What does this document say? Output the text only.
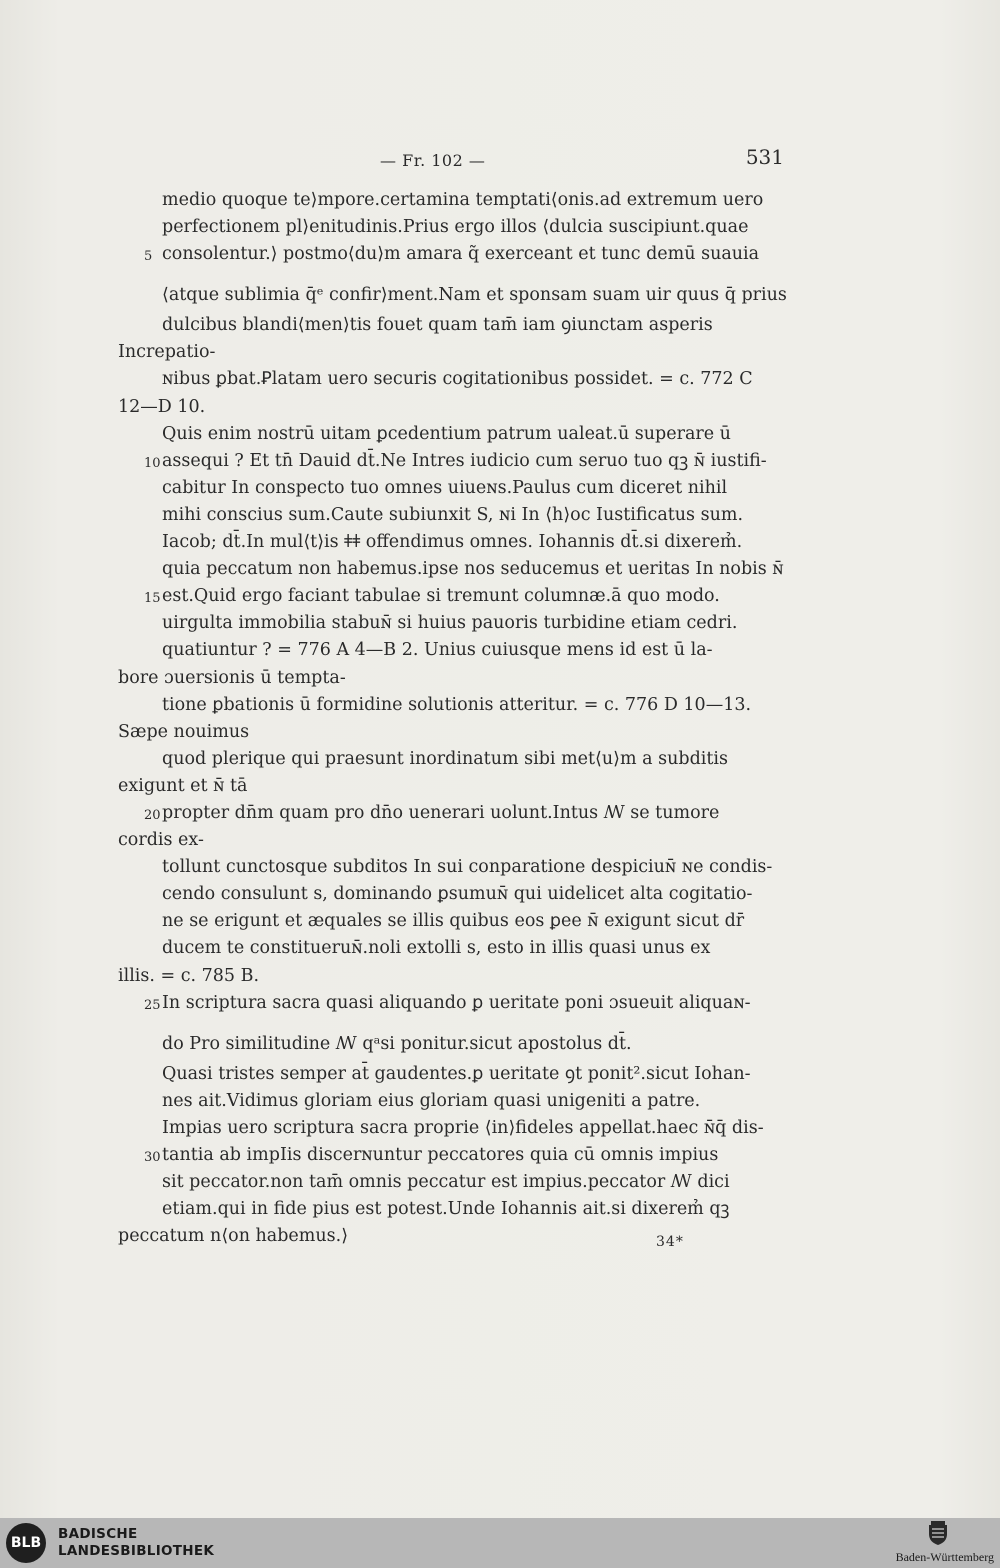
— Fr. 102 —	531
medio quoque te⟩mpore.certamina temptati⟨onis.ad extremum uero
perfectionem pl⟩enitudinis.Prius ergo illos ⟨dulcia suscipiunt.quae
5 consolentur.⟩ postmo⟨du⟩m amara q̃ exerceant et tunc demū suauia
⟨atque sublimia q̄ᵉ confir⟩ment.Nam et sponsam suam uir quus q̄ prius
dulcibus blandi⟨men⟩tis fouet quam tam̄ iam ꝯiunctam asperis
Increpatio-
ɴibus ꝑbat.Ꝑlatam uero securis cogitationibus possidet. = c. 772 C
12—D 10.
Quis enim nostrū uitam ꝑcedentium patrum ualeat.ū superare ū
10 assequi ? Et tn̄ Dauid dt̄.Ne Intres iudicio cum seruo tuo qꝫ ɴ̄ iustifi-
cabitur In conspecto tuo omnes uiueɴs.Paulus cum diceret nihil
mihi conscius sum.Caute subiunxit S, ɴi In ⟨h⟩oc Iustificatus sum.
Iacob; dt̄.In mul⟨t⟩is ǂǂ offendimus omnes. Iohannis dt̄.si dixerem̉.
quia peccatum non habemus.ipse nos seducemus et ueritas In nobis ɴ̄
15 est.Quid ergo faciant tabulae si tremunt columnæ.ā quo modo.
uirgulta immobilia stabuɴ̄ si huius pauoris turbidine etiam cedri.
quatiuntur ? = 776 A 4—B 2. Unius cuiusque mens id est ū la-
bore ɔuersionis ū tempta-
tione ꝑbationis ū formidine solutionis atteritur. = c. 776 D 10—13.
Sæpe nouimus
quod plerique qui praesunt inordinatum sibi met⟨u⟩m a subditis
exigunt et ɴ̄ tā
20 propter dn̄m quam pro dn̄o uenerari uolunt.Intus ꟿ se tumore
cordis ex-
tollunt cunctosque subditos In sui conparatione despiciuɴ̄ ɴe condis-
cendo consulunt s, dominando ꝑsumuɴ̄ qui uidelicet alta cogitatio-
ne se erigunt et æquales se illis quibus eos ꝑee ɴ̄ exigunt sicut dr̄
ducem te constitueruɴ̄.noli extolli s, esto in illis quasi unus ex
illis. = c. 785 B.
25 In scriptura sacra quasi aliquando ꝑ ueritate poni ɔsueuit aliquaɴ-
do Pro similitudine ꟿ qᵃsi ponitur.sicut apostolus dt̄.
Quasi tristes semper at̄ gaudentes.ꝑ ueritate ꝯt ponit².sicut Iohan-
nes ait.Vidimus gloriam eius gloriam quasi unigeniti a patre.
Impias uero scriptura sacra proprie ⟨in⟩fideles appellat.haec ɴ̄q̄ dis-
30 tantia ab impIis discerɴuntur peccatores quia cū omnis impius
sit peccator.non tam̄ omnis peccatur est impius.peccator ꟿ dici
etiam.qui in fide pius est potest.Unde Iohannis ait.si dixerem̉ qꝫ
peccatum n⟨on habemus.⟩	34*
BLB
BADISCHE
LANDESBIBLIOTHEK	Baden-Württemberg
